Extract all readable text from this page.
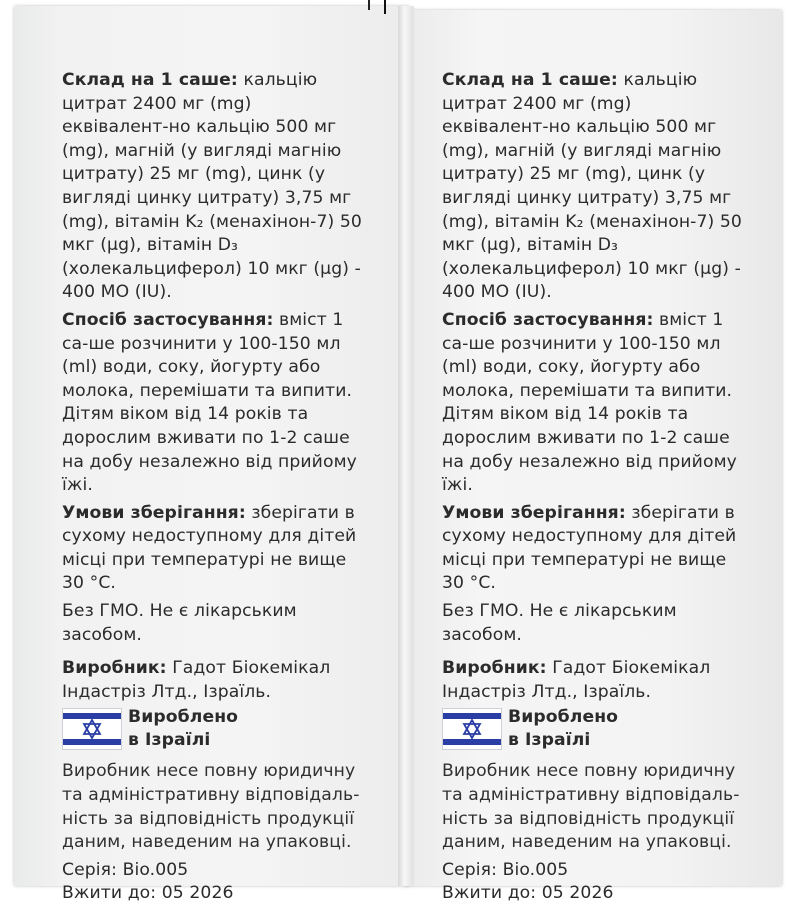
Склад на 1 саше: кальцію цитрат 2400 мг (mg) еквівалент-но кальцію 500 мг (mg), магній (у вигляді магнію цитрату) 25 мг (mg), цинк (у вигляді цинку цитрату) 3,75 мг (mg), вітамін K₂ (менахінон-7) 50 мкг (μg), вітамін D₃ (холекальциферол) 10 мкг (μg) - 400 МО (IU).

Спосіб застосування: вміст 1 са-ше розчинити у 100-150 мл (ml) води, соку, йогурту або молока, перемішати та випити. Дітям віком від 14 років та дорослим вживати по 1-2 саше на добу незалежно від прийому їжі.

Умови зберігання: зберігати в сухому недоступному для дітей місці при температурі не вище 30 °C.

Без ГМО. Не є лікарським засобом.

Виробник: Гадот Біокемікал Індастріз Лтд., Ізраїль.

Вироблено
в Ізраїлі

Виробник несе повну юридичну та адміністративну відповідаль-ність за відповідність продукції даним, наведеним на упаковці.

Серія: Bio.005

Вжити до: 05 2026

Склад на 1 саше: кальцію цитрат 2400 мг (mg) еквівалент-но кальцію 500 мг (mg), магній (у вигляді магнію цитрату) 25 мг (mg), цинк (у вигляді цинку цитрату) 3,75 мг (mg), вітамін K₂ (менахінон-7) 50 мкг (μg), вітамін D₃ (холекальциферол) 10 мкг (μg) - 400 МО (IU).

Спосіб застосування: вміст 1 са-ше розчинити у 100-150 мл (ml) води, соку, йогурту або молока, перемішати та випити. Дітям віком від 14 років та дорослим вживати по 1-2 саше на добу незалежно від прийому їжі.

Умови зберігання: зберігати в сухому недоступному для дітей місці при температурі не вище 30 °C.

Без ГМО. Не є лікарським засобом.

Виробник: Гадот Біокемікал Індастріз Лтд., Ізраїль.

Вироблено
в Ізраїлі

Виробник несе повну юридичну та адміністративну відповідаль-ність за відповідність продукції даним, наведеним на упаковці.

Серія: Bio.005

Вжити до: 05 2026
